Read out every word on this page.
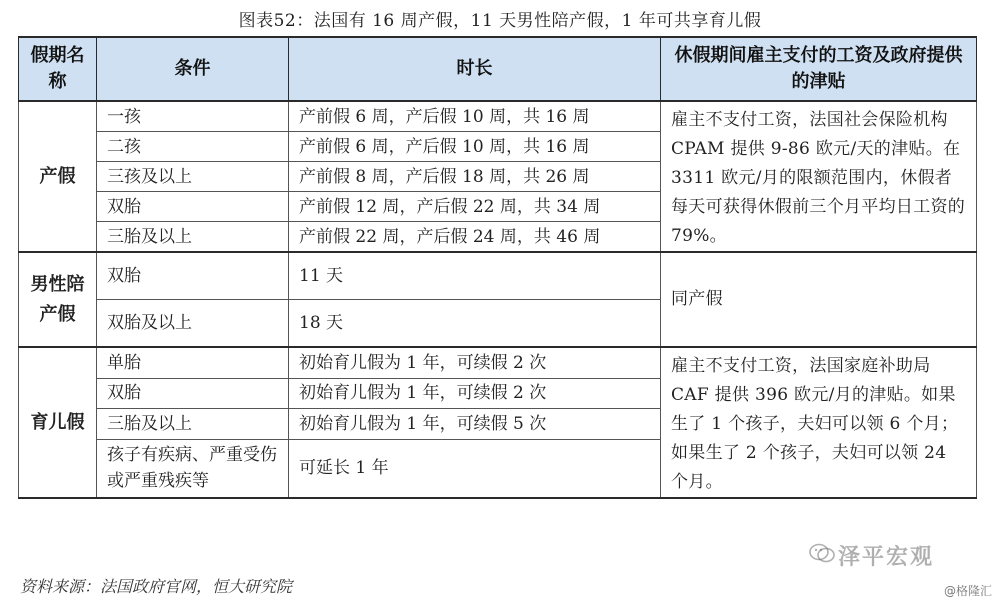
图表52：法国有 16 周产假，11 天男性陪产假，1 年可共享育儿假
假期名称	条件	时长	休假期间雇主支付的工资及政府提供的津贴
产假	一孩	产前假 6 周，产后假 10 周，共 16 周	雇主不支付工资，法国社会保险机构 CPAM 提供 9-86 欧元/天的津贴。在 3311 欧元/月的限额范围内，休假者每天可获得休假前三个月平均日工资的 79%。
	二孩	产前假 6 周，产后假 10 周，共 16 周	
	三孩及以上	产前假 8 周，产后假 18 周，共 26 周	
	双胎	产前假 12 周，产后假 22 周，共 34 周	
	三胎及以上	产前假 22 周，产后假 24 周，共 46 周	
男性陪产假	双胎	11 天	同产假
	双胎及以上	18 天	
育儿假	单胎	初始育儿假为 1 年，可续假 2 次	雇主不支付工资，法国家庭补助局 CAF 提供 396 欧元/月的津贴。如果生了 1 个孩子，夫妇可以领 6 个月；如果生了 2 个孩子，夫妇可以领 24 个月。
	双胎	初始育儿假为 1 年，可续假 2 次	
	三胎及以上	初始育儿假为 1 年，可续假 5 次	
	孩子有疾病、严重受伤或严重残疾等	可延长 1 年	
资料来源：法国政府官网，恒大研究院
泽平宏观
@格隆汇
